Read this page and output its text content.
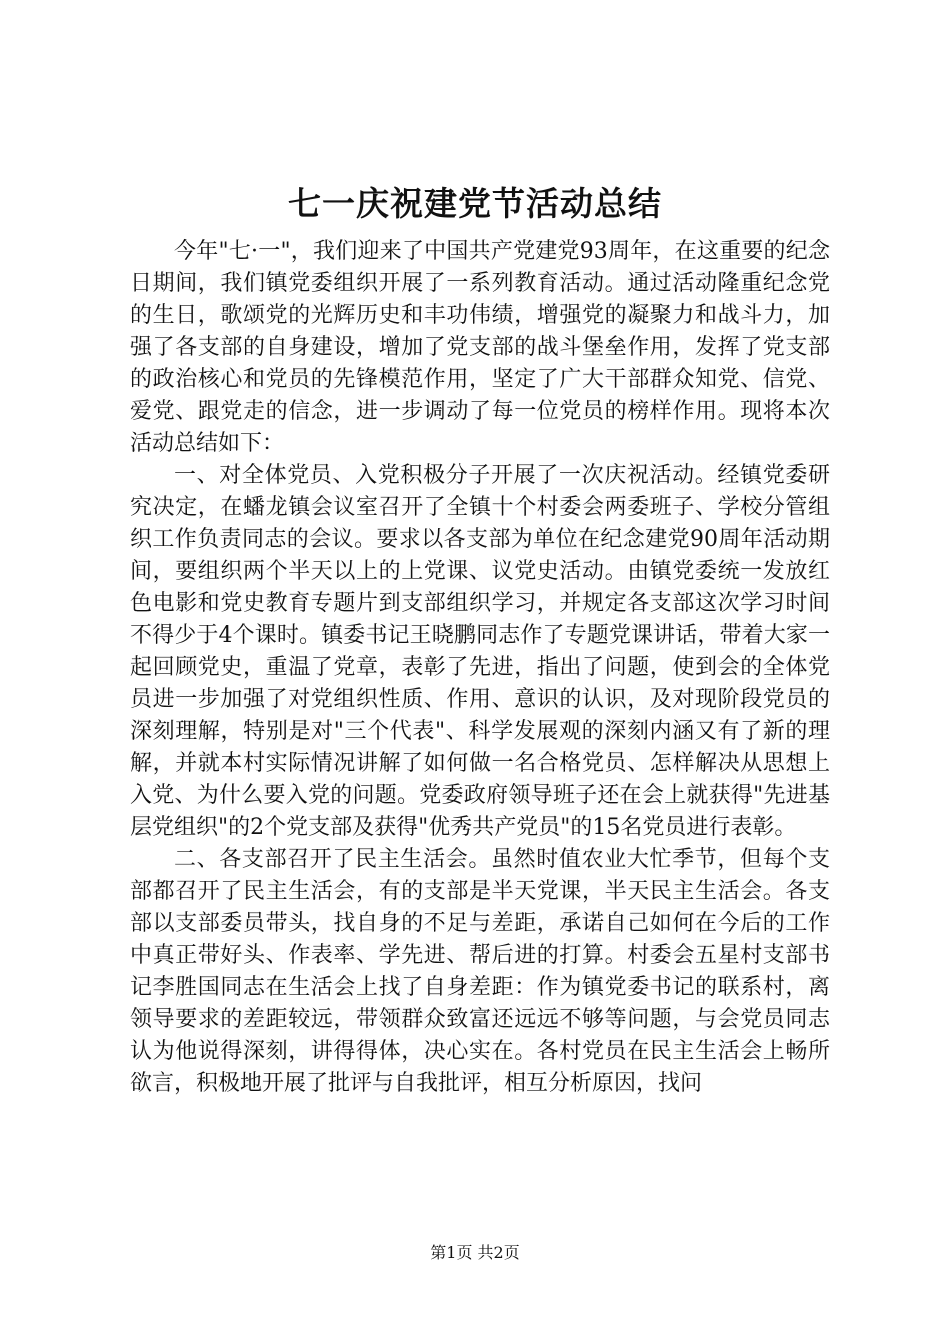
七一庆祝建党节活动总结

今年"七·一"，我们迎来了中国共产党建党93周年，在这重要的纪念日期间，我们镇党委组织开展了一系列教育活动。通过活动隆重纪念党的生日，歌颂党的光辉历史和丰功伟绩，增强党的凝聚力和战斗力，加强了各支部的自身建设，增加了党支部的战斗堡垒作用，发挥了党支部的政治核心和党员的先锋模范作用，坚定了广大干部群众知党、信党、爱党、跟党走的信念，进一步调动了每一位党员的榜样作用。现将本次活动总结如下：

一、对全体党员、入党积极分子开展了一次庆祝活动。经镇党委研究决定，在蟠龙镇会议室召开了全镇十个村委会两委班子、学校分管组织工作负责同志的会议。要求以各支部为单位在纪念建党90周年活动期间，要组织两个半天以上的上党课、议党史活动。由镇党委统一发放红色电影和党史教育专题片到支部组织学习，并规定各支部这次学习时间不得少于4个课时。镇委书记王晓鹏同志作了专题党课讲话，带着大家一起回顾党史，重温了党章，表彰了先进，指出了问题，使到会的全体党员进一步加强了对党组织性质、作用、意识的认识，及对现阶段党员的深刻理解，特别是对"三个代表"、科学发展观的深刻内涵又有了新的理解，并就本村实际情况讲解了如何做一名合格党员、怎样解决从思想上入党、为什么要入党的问题。党委政府领导班子还在会上就获得"先进基层党组织"的2个党支部及获得"优秀共产党员"的15名党员进行表彰。

二、各支部召开了民主生活会。虽然时值农业大忙季节，但每个支部都召开了民主生活会，有的支部是半天党课，半天民主生活会。各支部以支部委员带头，找自身的不足与差距，承诺自己如何在今后的工作中真正带好头、作表率、学先进、帮后进的打算。村委会五星村支部书记李胜国同志在生活会上找了自身差距：作为镇党委书记的联系村，离领导要求的差距较远，带领群众致富还远远不够等问题，与会党员同志认为他说得深刻，讲得得体，决心实在。各村党员在民主生活会上畅所欲言，积极地开展了批评与自我批评，相互分析原因，找问

第1页 共2页
